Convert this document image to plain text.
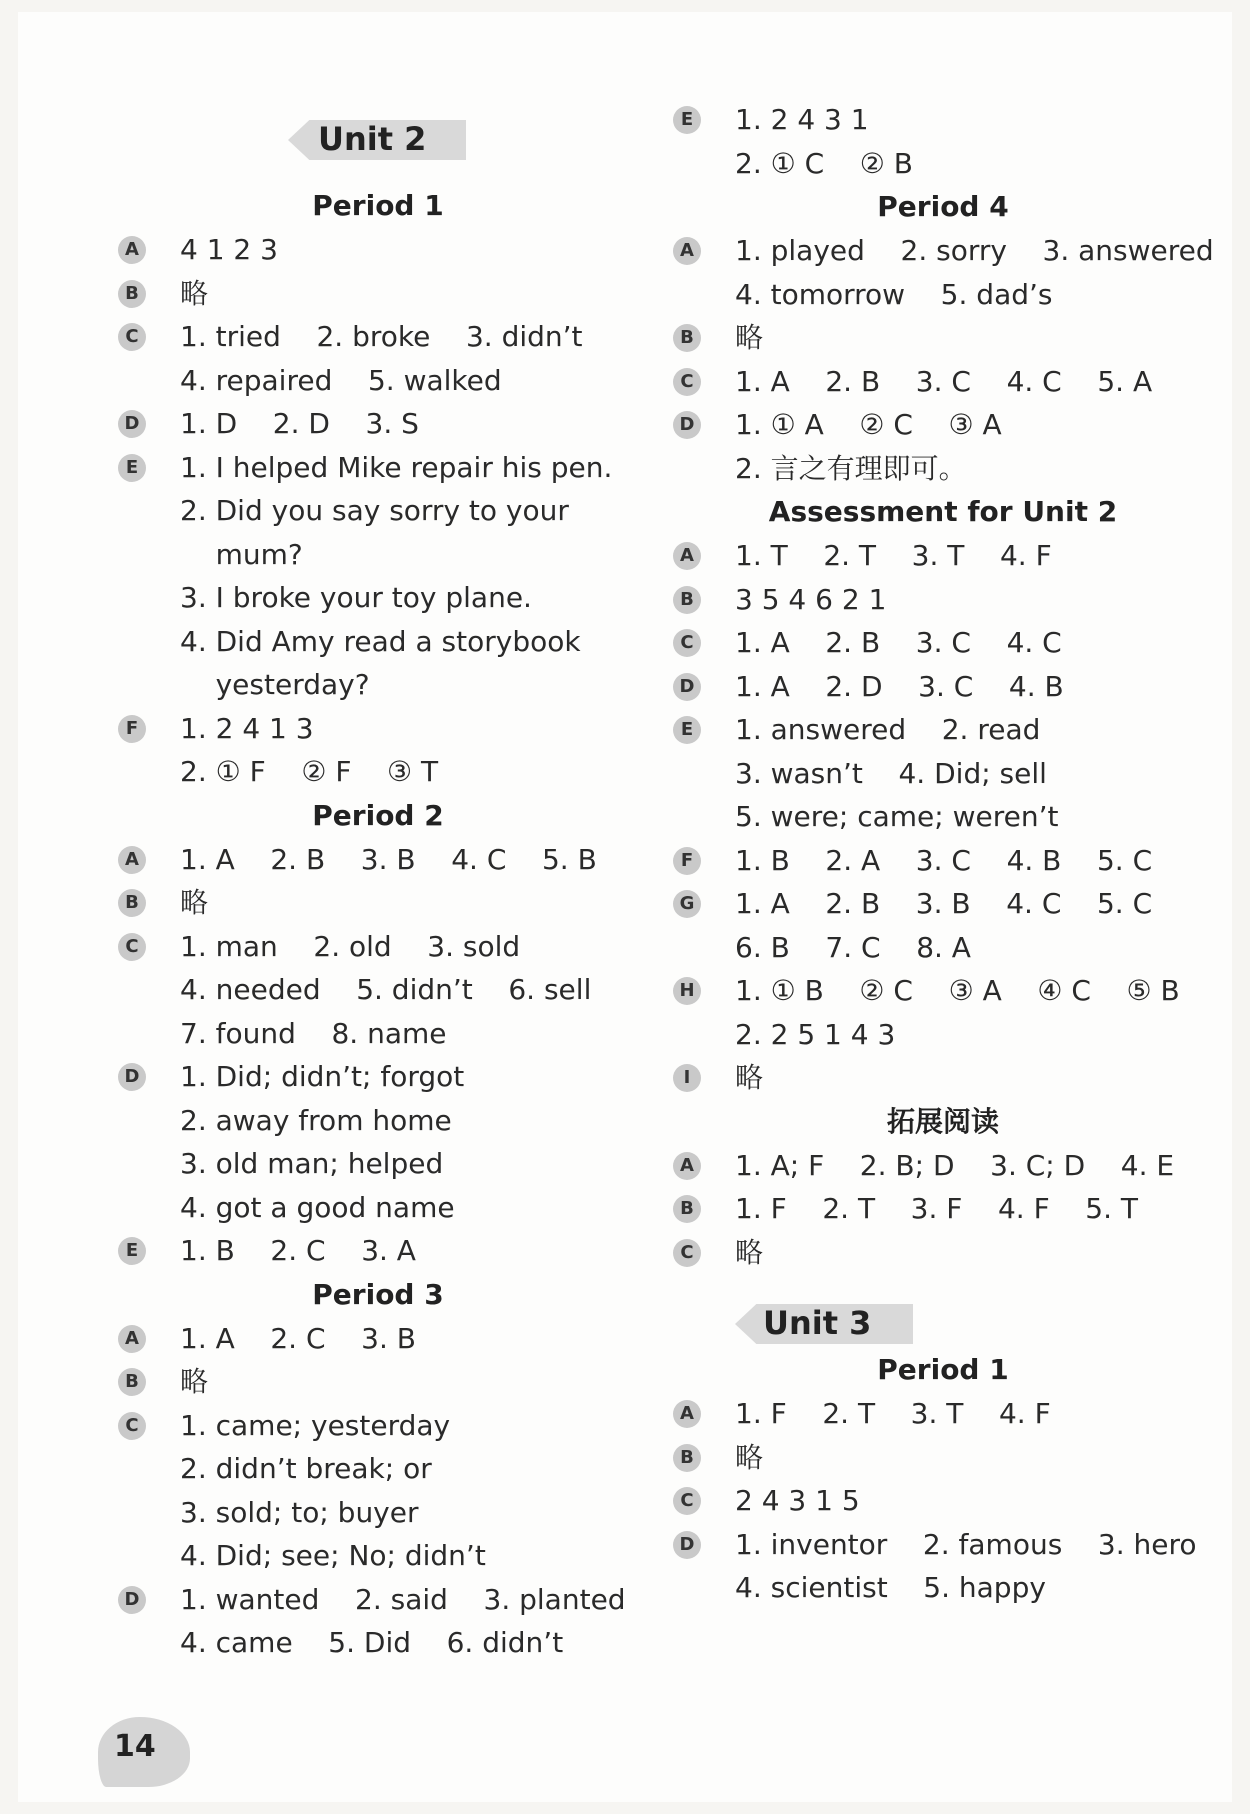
Unit 2
Period 1
A 4 1 2 3
B 略
C 1. tried    2. broke    3. didn’t
4. repaired    5. walked
D 1. D    2. D    3. S
E 1. I helped Mike repair his pen.
2. Did you say sorry to your
mum?
3. I broke your toy plane.
4. Did Amy read a storybook
yesterday?
F 1. 2 4 1 3
2. ① F    ② F    ③ T
Period 2
A 1. A    2. B    3. B    4. C    5. B
B 略
C 1. man    2. old    3. sold
4. needed    5. didn’t    6. sell
7. found    8. name
D 1. Did; didn’t; forgot
2. away from home
3. old man; helped
4. got a good name
E 1. B    2. C    3. A
Period 3
A 1. A    2. C    3. B
B 略
C 1. came; yesterday
2. didn’t break; or
3. sold; to; buyer
4. Did; see; No; didn’t
D 1. wanted    2. said    3. planted
4. came    5. Did    6. didn’t
E 1. 2 4 3 1
2. ① C    ② B
Period 4
A 1. played    2. sorry    3. answered
4. tomorrow    5. dad’s
B 略
C 1. A    2. B    3. C    4. C    5. A
D 1. ① A    ② C    ③ A
2. 言之有理即可。
Assessment for Unit 2
A 1. T    2. T    3. T    4. F
B 3 5 4 6 2 1
C 1. A    2. B    3. C    4. C
D 1. A    2. D    3. C    4. B
E 1. answered    2. read
3. wasn’t    4. Did; sell
5. were; came; weren’t
F 1. B    2. A    3. C    4. B    5. C
G 1. A    2. B    3. B    4. C    5. C
6. B    7. C    8. A
H 1. ① B    ② C    ③ A    ④ C    ⑤ B
2. 2 5 1 4 3
I	略
拓展阅读
A 1. A; F    2. B; D    3. C; D    4. E
B 1. F    2. T    3. F    4. F    5. T
C 略
Unit 3
Period 1
A 1. F    2. T    3. T    4. F
B 略
C 2 4 3 1 5
D 1. inventor    2. famous    3. hero
4. scientist    5. happy
14
